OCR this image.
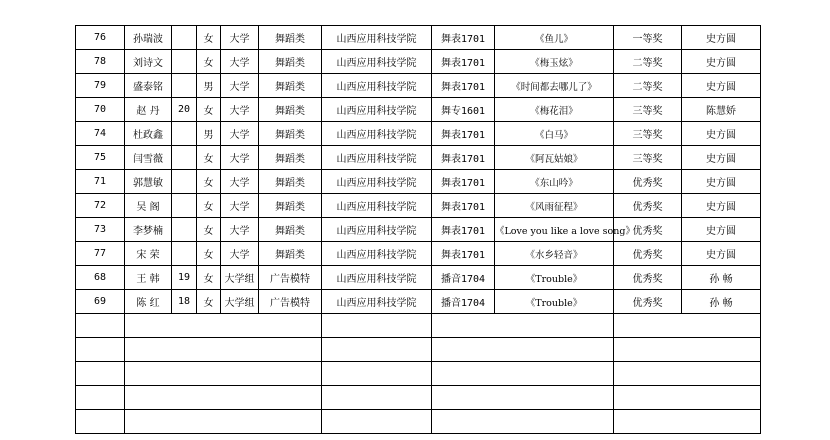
76	孙瑞波		女	大学	舞蹈类	山西应用科技学院	舞表1701	《鱼儿》	一等奖	史方圆
78	刘诗文		女	大学	舞蹈类	山西应用科技学院	舞表1701	《梅玉炫》	二等奖	史方圆
79	盛泰铭		男	大学	舞蹈类	山西应用科技学院	舞表1701	《时间都去哪儿了》	二等奖	史方圆
70	赵 丹	20	女	大学	舞蹈类	山西应用科技学院	舞专1601	《梅花泪》	三等奖	陈慧娇
74	杜政鑫		男	大学	舞蹈类	山西应用科技学院	舞表1701	《白马》	三等奖	史方圆
75	闫雪薇		女	大学	舞蹈类	山西应用科技学院	舞表1701	《阿瓦姑娘》	三等奖	史方圆
71	郭慧敏		女	大学	舞蹈类	山西应用科技学院	舞表1701	《东山吟》	优秀奖	史方圆
72	吴 阁		女	大学	舞蹈类	山西应用科技学院	舞表1701	《风雨征程》	优秀奖	史方圆
73	李梦楠		女	大学	舞蹈类	山西应用科技学院	舞表1701	《Love you like a love song》	优秀奖	史方圆
77	宋 荣		女	大学	舞蹈类	山西应用科技学院	舞表1701	《水乡轻音》	优秀奖	史方圆
68	王 韩	19	女	大学组	广告模特	山西应用科技学院	播音1704	《Trouble》	优秀奖	孙 畅
69	陈 红	18	女	大学组	广告模特	山西应用科技学院	播音1704	《Trouble》	优秀奖	孙 畅
